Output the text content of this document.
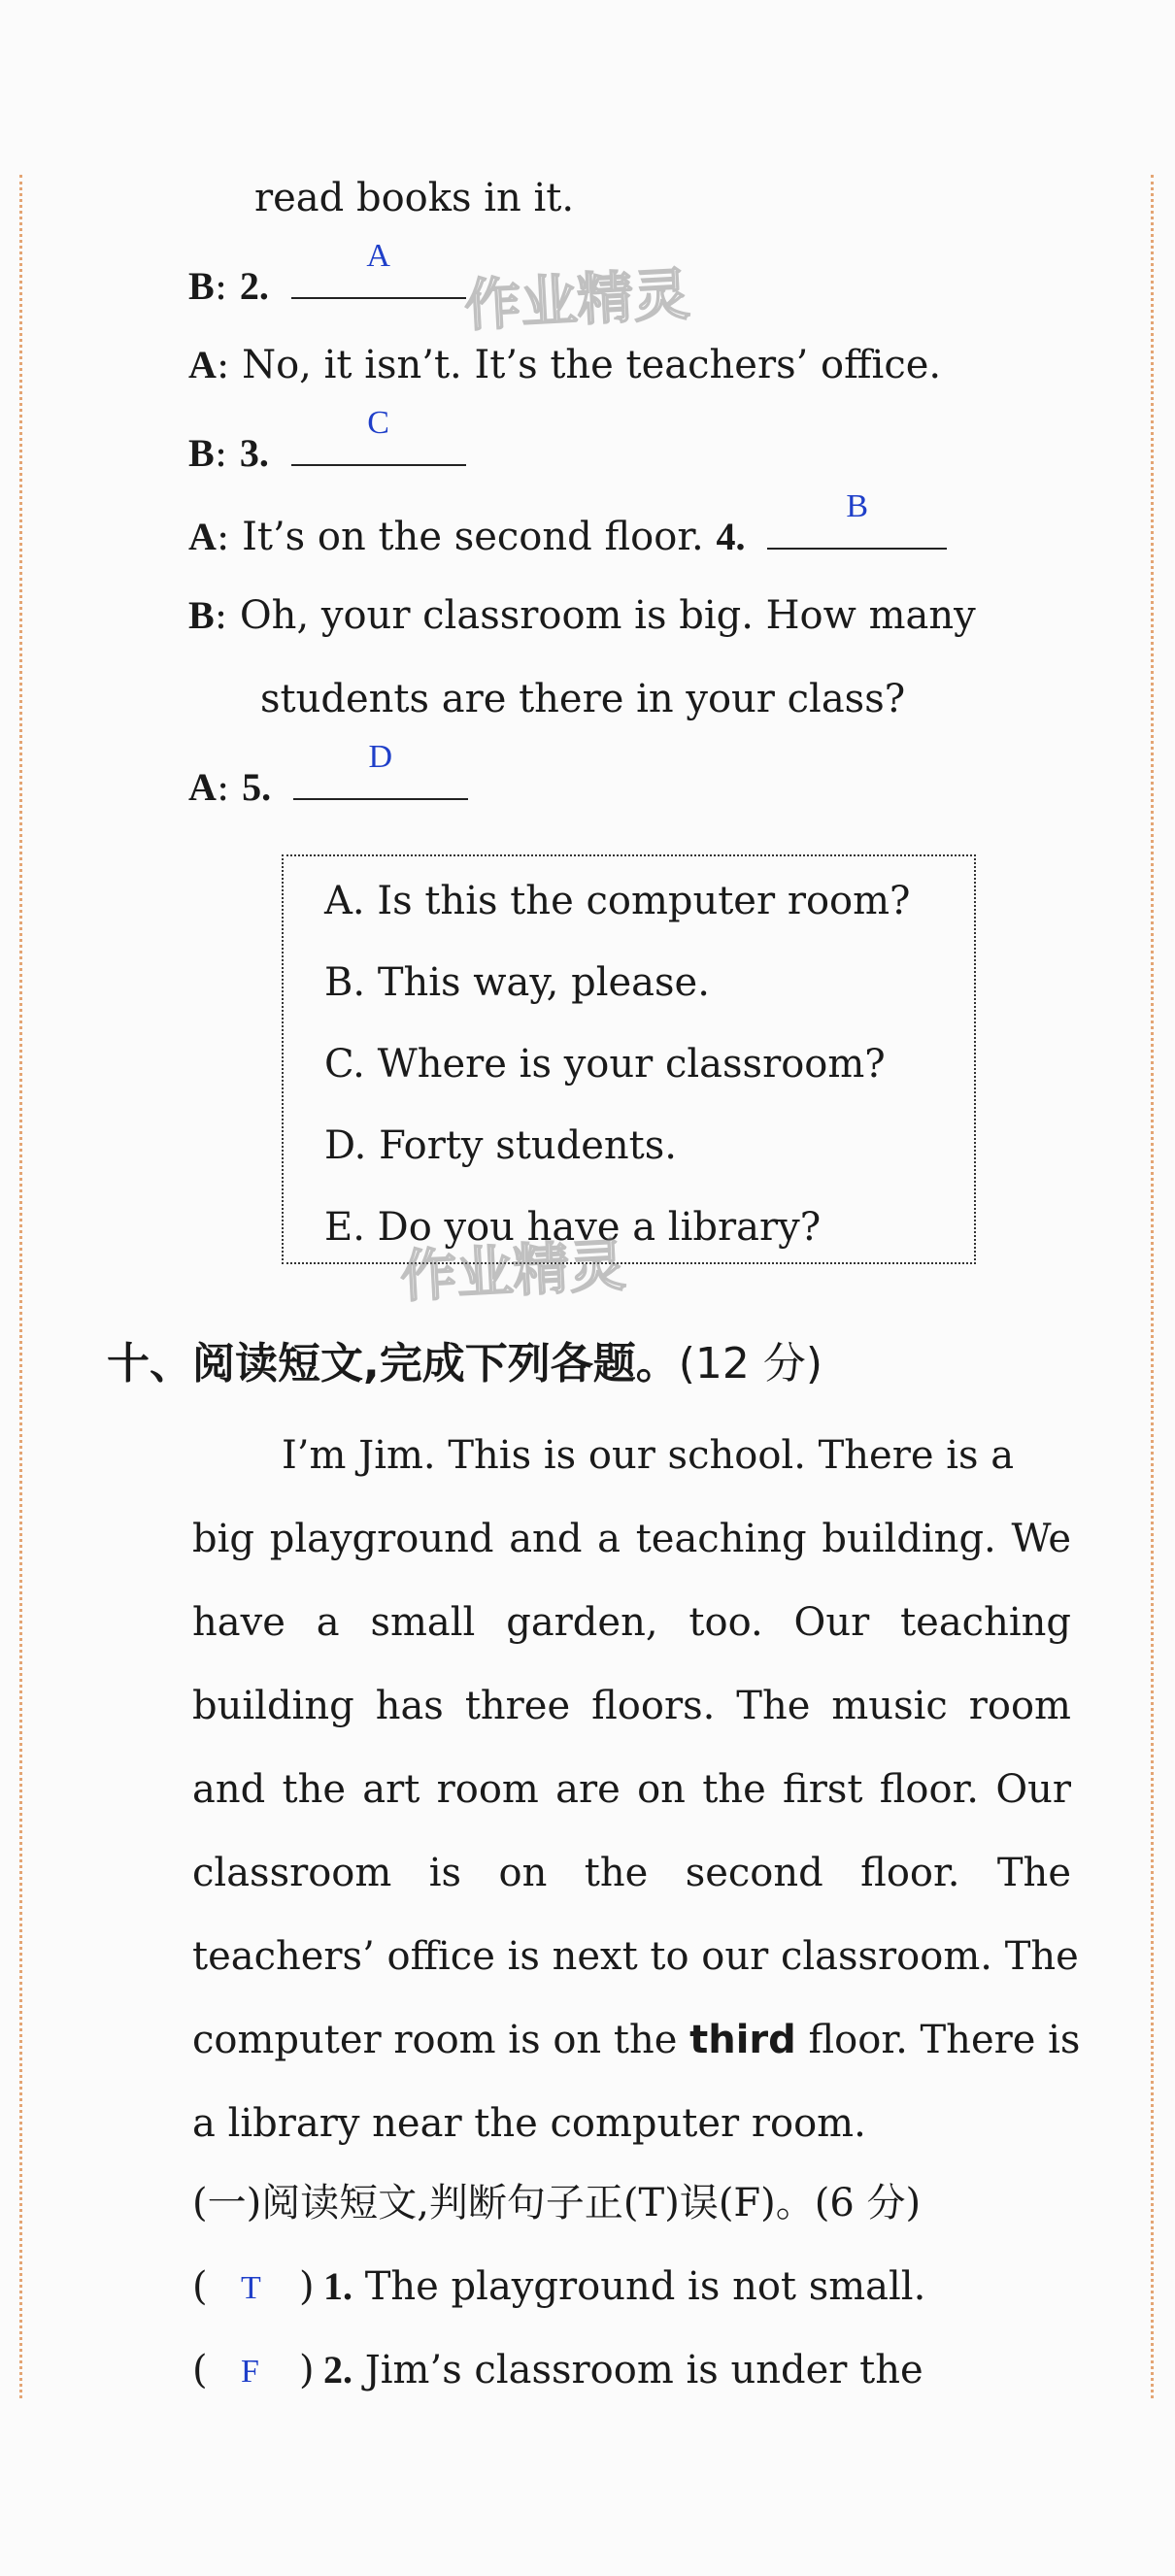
read books in it.
B: 2.
A
A: No, it isn’t. It’s the teachers’ office.
B: 3.
C
A: It’s on the second floor. 4.
B
B: Oh, your classroom is big. How many
students are there in your class?
A: 5.
D
A. Is this the computer room?
B. This way, please.
C. Where is your classroom?
D. Forty students.
E. Do you have a library?
十、阅读短文,完成下列各题。(12 分)
I’m Jim. This is our school. There is a
big playground and a teaching building. We
have a small garden, too. Our teaching
building has three floors. The music room
and the art room are on the first floor. Our
classroom is on the second floor. The
teachers’ office is next to our classroom. The
computer room is on the third floor. There is
a library near the computer room.
(一)阅读短文,判断句子正(T)误(F)。(6 分)
( T ) 1. The playground is not small.
( F ) 2. Jim’s classroom is under the
作业精灵
作业精灵
